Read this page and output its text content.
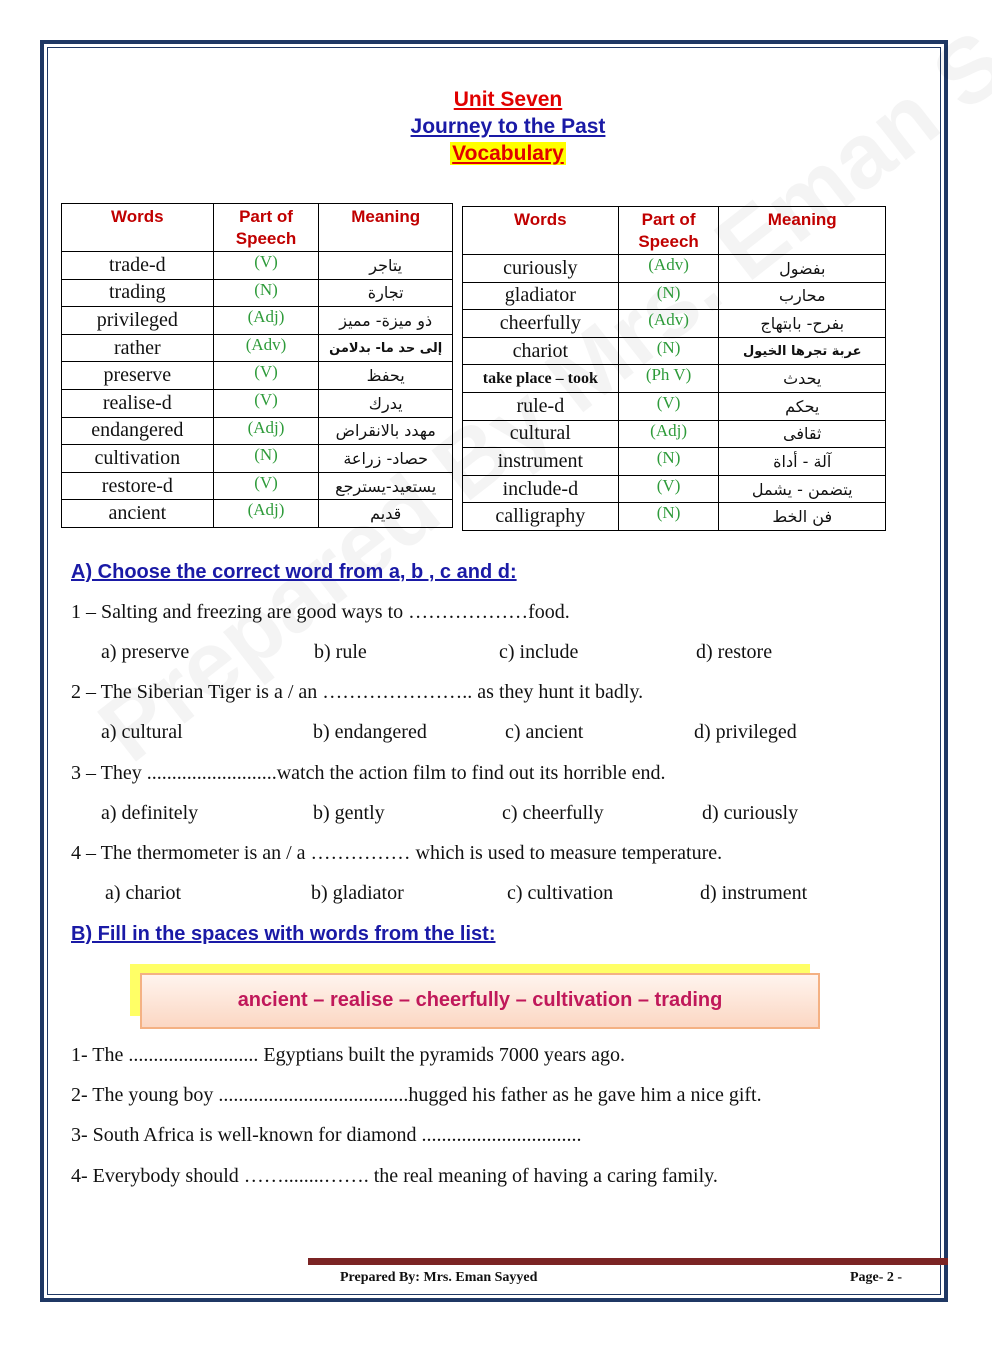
Unit Seven
Journey to the Past
Vocabulary
Words	Part of Speech	Meaning
trade-d	(V)	يتاجر
trading	(N)	تجارة
privileged	(Adj)	ذو ميزة- مميز
rather	(Adv)	إلى حد ما- بدلامن
preserve	(V)	يحفظ
realise-d	(V)	يدرك
endangered	(Adj)	مهدد بالانقراض
cultivation	(N)	حصاد- زراعة
restore-d	(V)	يستعيد-يسترجع
ancient	(Adj)	قديم
Words	Part of Speech	Meaning
curiously	(Adv)	بفضول
gladiator	(N)	محارب
cheerfully	(Adv)	بفرح- بابتهاج
chariot	(N)	عربة تجرها الخيول
take place – took	(Ph V)	يحدث
rule-d	(V)	يحكم
cultural	(Adj)	ثقافى
instrument	(N)	آلة - أداة
include-d	(V)	يتضمن - يشمل
calligraphy	(N)	فن الخط
A) Choose the correct word from a, b , c and d:
1 – Salting and freezing are good ways to ………………food.
a) preserve	b) rule	c) include	d) restore
2 – The Siberian Tiger is a / an ………………….. as they hunt it badly.
a) cultural	b) endangered	c) ancient	d) privileged
3 – They ..........................watch the action film to find out its horrible end.
a) definitely	b) gently	c) cheerfully	d) curiously
4 – The thermometer is an / a …………… which is used to measure temperature.
a) chariot	b) gladiator	c) cultivation	d) instrument
B) Fill in the spaces with words from the list:
ancient – realise – cheerfully – cultivation – trading
1- The .......................... Egyptians built the pyramids 7000 years ago.
2- The young boy ......................................hugged his father as he gave him a nice gift.
3- South Africa is well-known for diamond ................................
4- Everybody should ……........……. the real meaning of having a caring family.
Prepared By: Mrs. Eman Sayyed	Page- 2 -
